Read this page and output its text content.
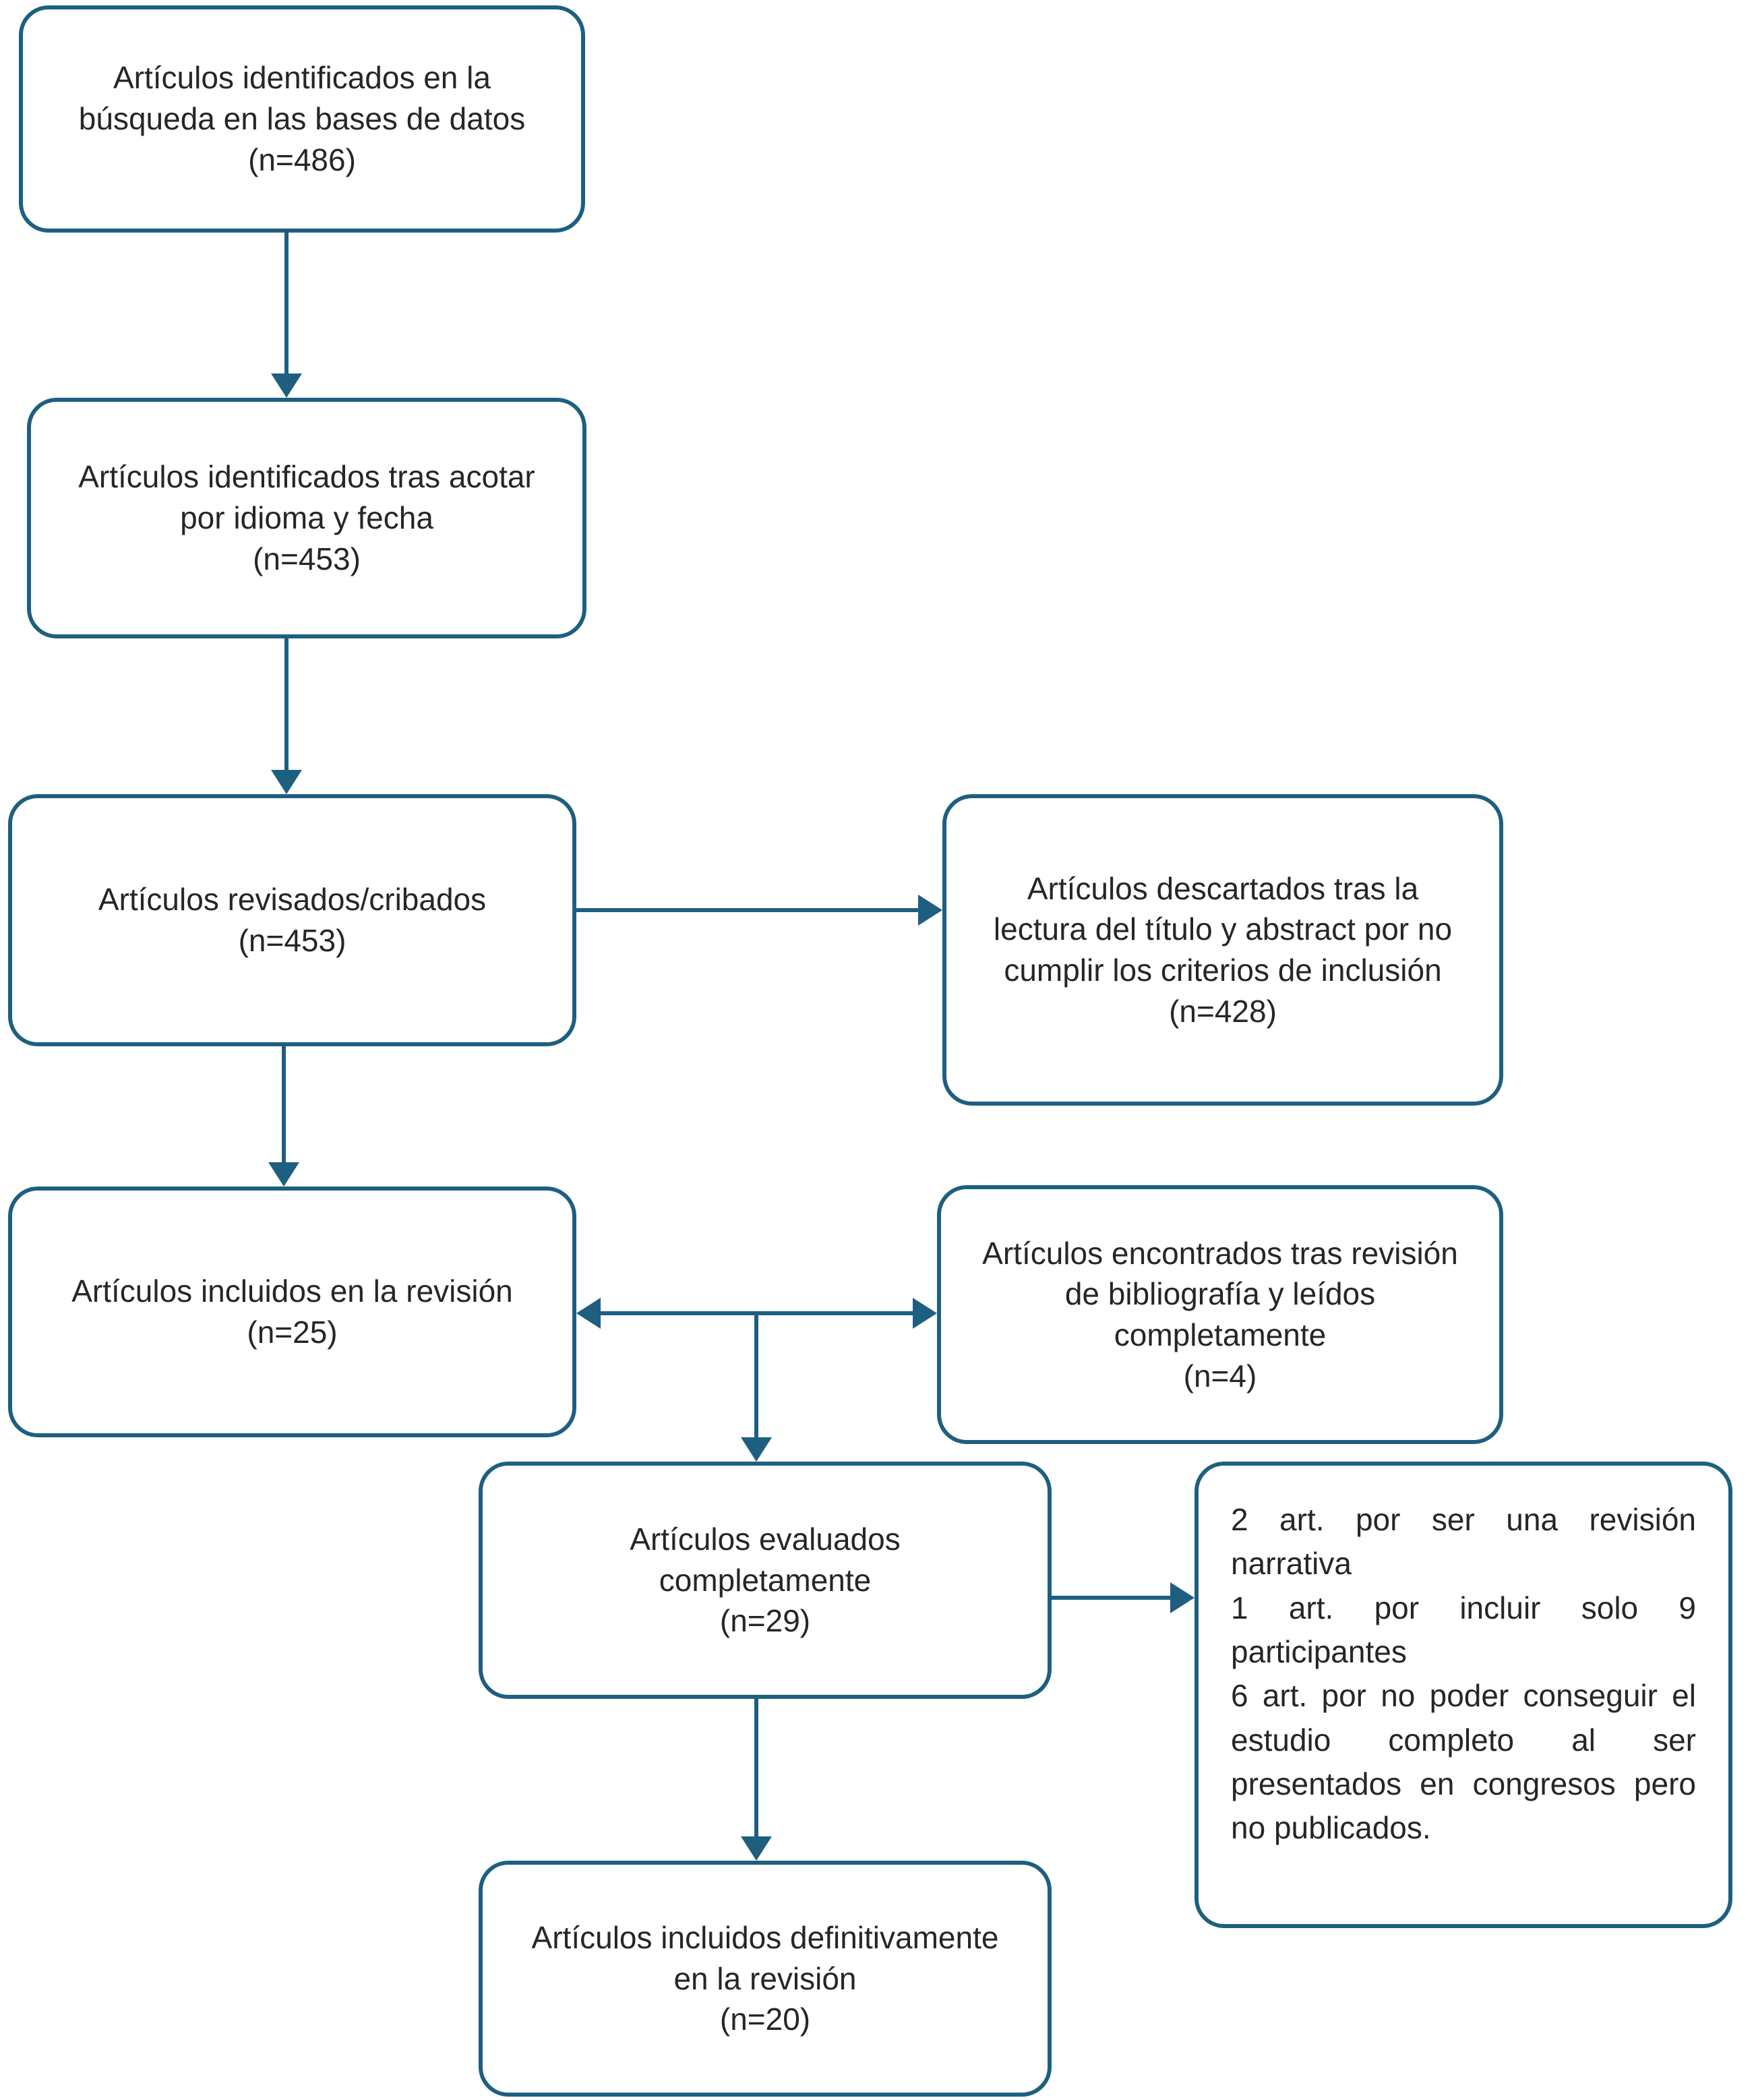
Artículos identificados en la búsqueda en las bases de datos
(n=486)
Artículos identificados tras acotar por idioma y fecha
(n=453)
Artículos revisados/cribados
(n=453)
Artículos descartados tras la lectura del título y abstract por no cumplir los criterios de inclusión
(n=428)
Artículos incluidos en la revisión
(n=25)
Artículos encontrados tras revisión de bibliografía y leídos completamente
(n=4)
Artículos evaluados completamente
(n=29)

2 art. por ser una revisión narrativa

1 art. por incluir solo 9 participantes

6 art. por no poder conseguir el estudio completo al ser presentados en congresos pero no publicados.

Artículos incluidos definitivamente en la revisión
(n=20)
